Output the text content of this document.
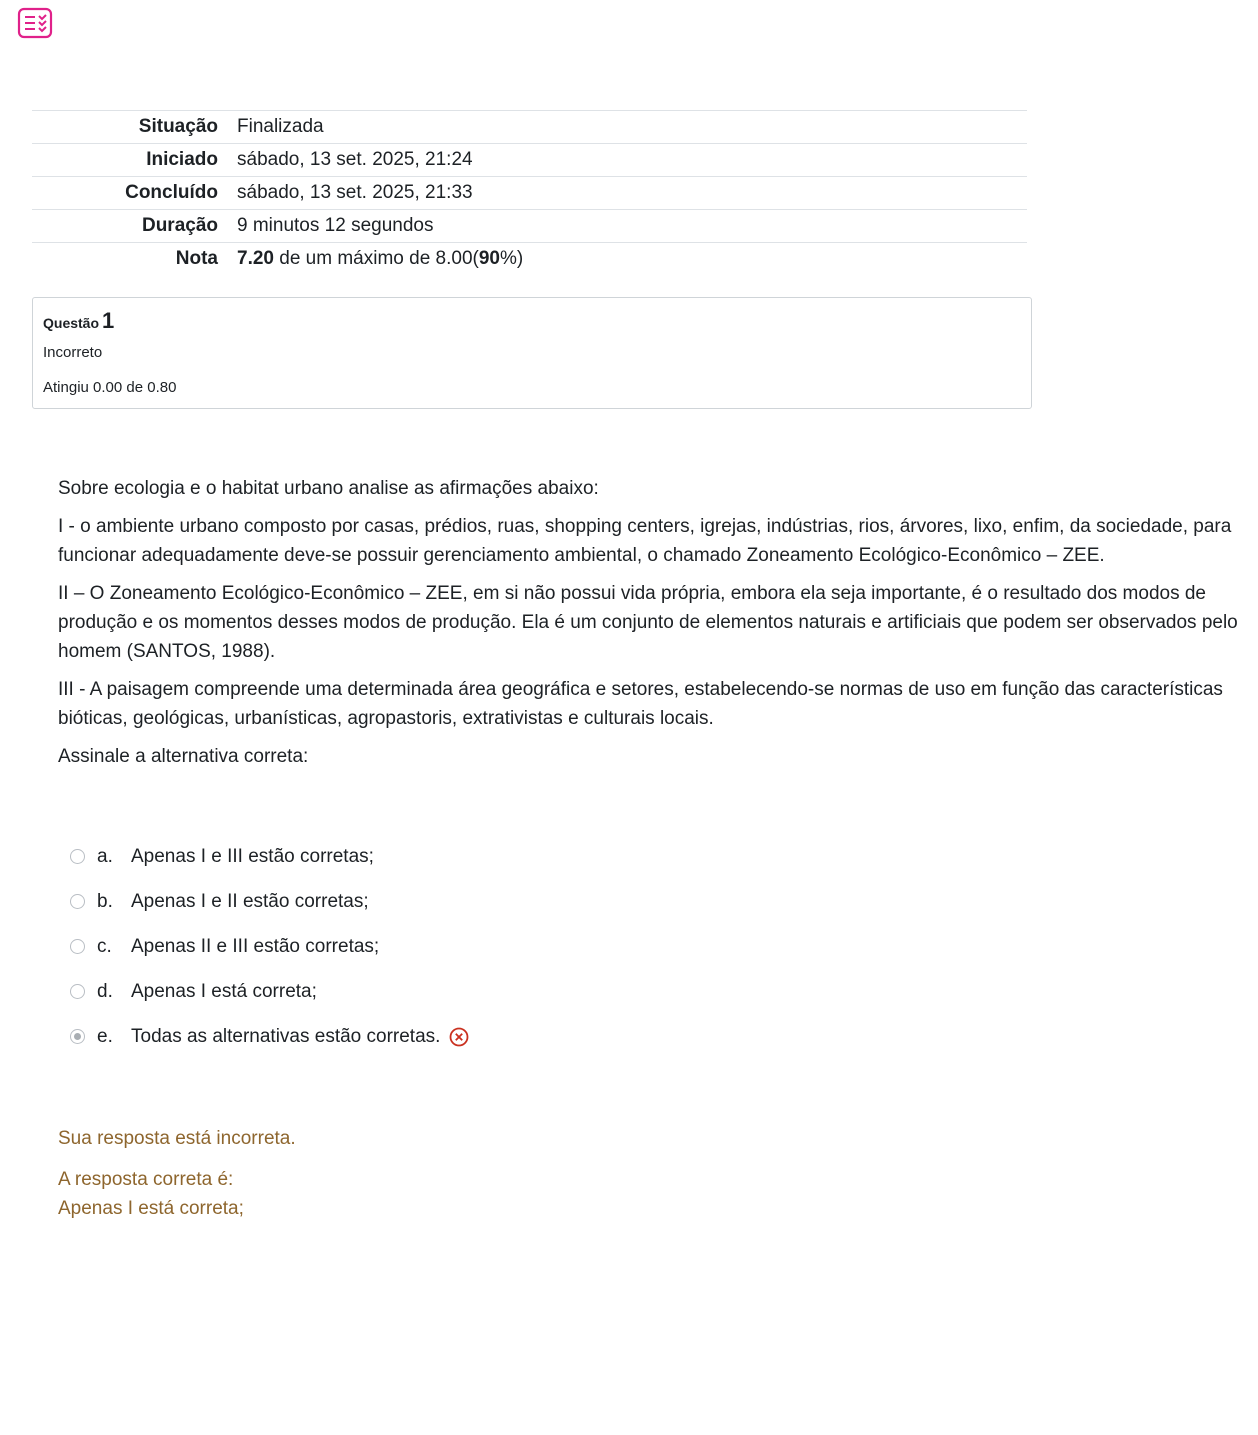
Situação	Finalizada
Iniciado	sábado, 13 set. 2025, 21:24
Concluído	sábado, 13 set. 2025, 21:33
Duração	9 minutos 12 segundos
Nota	7.20 de um máximo de 8.00(90%)
Questão 1
Incorreto
Atingiu 0.00 de 0.80

Sobre ecologia e o habitat urbano analise as afirmações abaixo:

I - o ambiente urbano composto por casas, prédios, ruas, shopping centers, igrejas, indústrias, rios, árvores, lixo, enfim, da sociedade, para funcionar adequadamente deve-se possuir gerenciamento ambiental, o chamado Zoneamento Ecológico-Econômico – ZEE.

II – O Zoneamento Ecológico-Econômico – ZEE, em si não possui vida própria, embora ela seja importante, é o resultado dos modos de produção e os momentos desses modos de produção. Ela é um conjunto de elementos naturais e artificiais que podem ser observados pelo homem (SANTOS, 1988).

III - A paisagem compreende uma determinada área geográfica e setores, estabelecendo-se normas de uso em função das características bióticas, geológicas, urbanísticas, agropastoris, extrativistas e culturais locais.

Assinale a alternativa correta:

a. Apenas I e III estão corretas;
b. Apenas I e II estão corretas;
c.	Apenas II e III estão corretas;
d. Apenas I está correta;
e. Todas as alternativas estão corretas.
Sua resposta está incorreta.
A resposta correta é:
Apenas I está correta;
